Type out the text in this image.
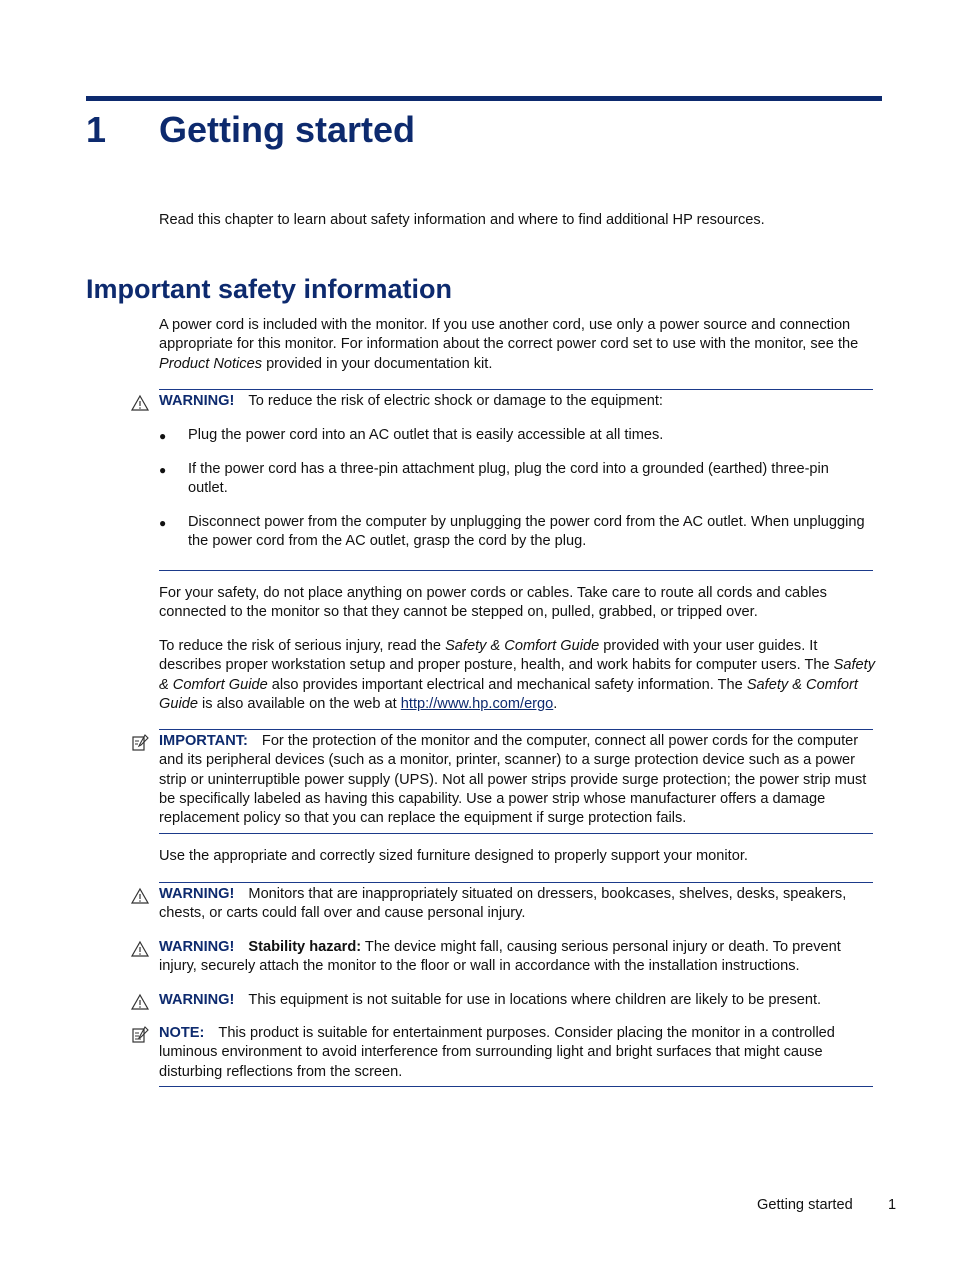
1 Getting started

Read this chapter to learn about safety information and where to find additional HP resources.

Important safety information

A power cord is included with the monitor. If you use another cord, use only a power source and connection appropriate for this monitor. For information about the correct power cord set to use with the monitor, see the Product Notices provided in your documentation kit.

WARNING! To reduce the risk of electric shock or damage to the equipment:

● Plug the power cord into an AC outlet that is easily accessible at all times.

● If the power cord has a three-pin attachment plug, plug the cord into a grounded (earthed) three-pin outlet.

● Disconnect power from the computer by unplugging the power cord from the AC outlet. When unplugging the power cord from the AC outlet, grasp the cord by the plug.

For your safety, do not place anything on power cords or cables. Take care to route all cords and cables connected to the monitor so that they cannot be stepped on, pulled, grabbed, or tripped over.

To reduce the risk of serious injury, read the Safety & Comfort Guide provided with your user guides. It describes proper workstation setup and proper posture, health, and work habits for computer users. The Safety & Comfort Guide also provides important electrical and mechanical safety information. The Safety & Comfort Guide is also available on the web at http://www.hp.com/ergo.

IMPORTANT: For the protection of the monitor and the computer, connect all power cords for the computer and its peripheral devices (such as a monitor, printer, scanner) to a surge protection device such as a power strip or uninterruptible power supply (UPS). Not all power strips provide surge protection; the power strip must be specifically labeled as having this capability. Use a power strip whose manufacturer offers a damage replacement policy so that you can replace the equipment if surge protection fails.

Use the appropriate and correctly sized furniture designed to properly support your monitor.

WARNING! Monitors that are inappropriately situated on dressers, bookcases, shelves, desks, speakers, chests, or carts could fall over and cause personal injury.

WARNING! Stability hazard: The device might fall, causing serious personal injury or death. To prevent injury, securely attach the monitor to the floor or wall in accordance with the installation instructions.

WARNING! This equipment is not suitable for use in locations where children are likely to be present.

NOTE: This product is suitable for entertainment purposes. Consider placing the monitor in a controlled luminous environment to avoid interference from surrounding light and bright surfaces that might cause disturbing reflections from the screen.

Getting started 1
